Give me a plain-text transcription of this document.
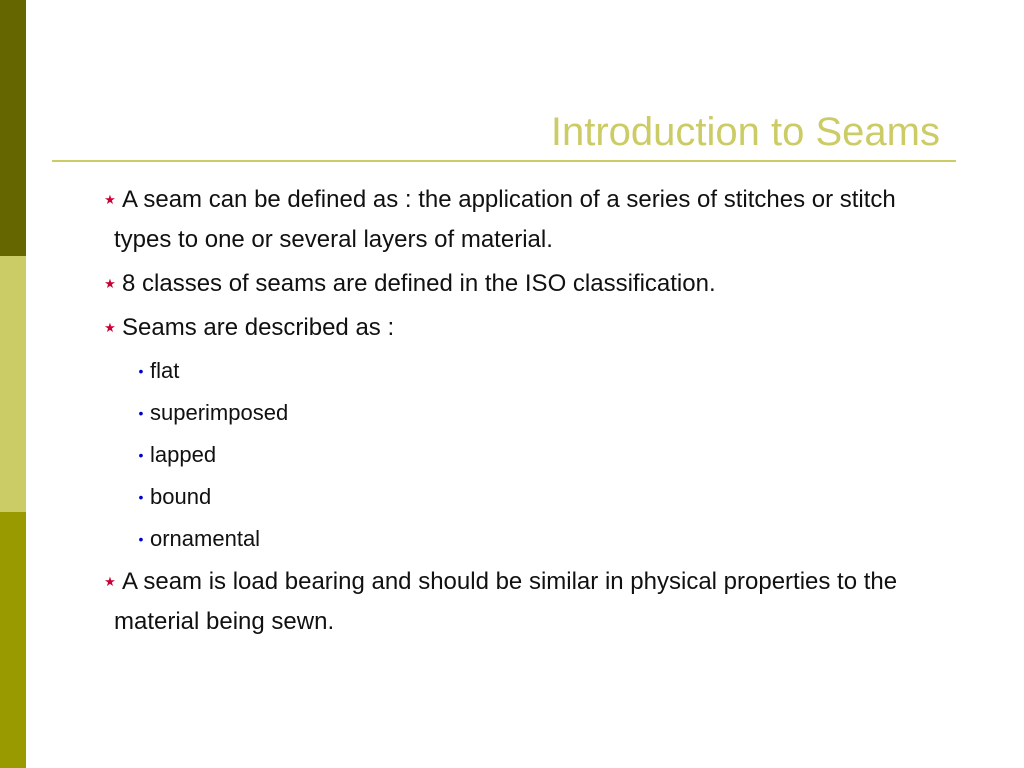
Introduction to Seams
★ A seam can be defined as : the application of a series of stitches or stitch types to one or several layers of material.
★ 8 classes of seams are defined in the ISO classification.
★ Seams are described as :
• flat
• superimposed
• lapped
• bound
• ornamental
★ A seam is load bearing and should be similar in physical properties to the material being sewn.
